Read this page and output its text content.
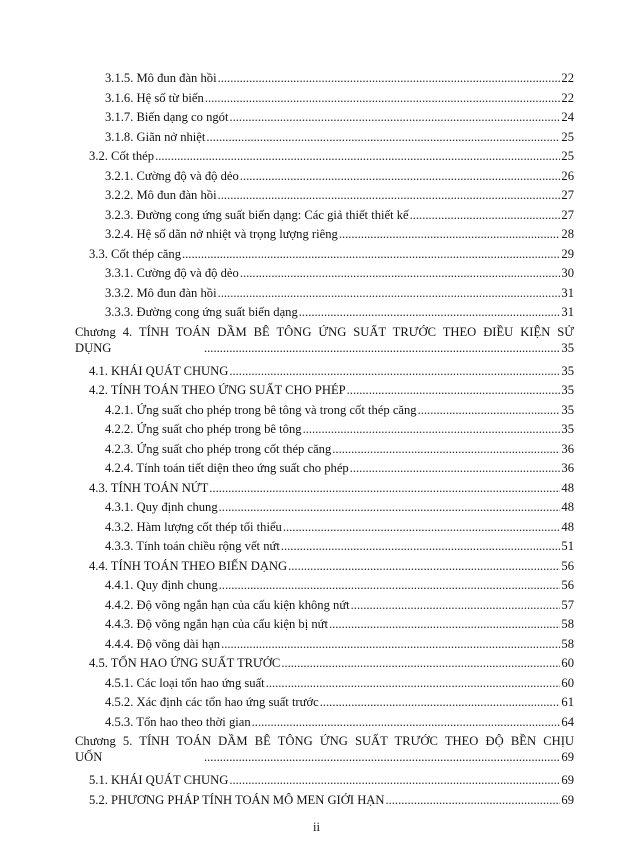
3.1.5. Mô đun đàn hồi .....	22
3.1.6. Hệ số từ biến .....	22
3.1.7. Biến dạng co ngót .....	24
3.1.8. Giãn nở nhiệt .....	25
3.2. Cốt thép .....	25
3.2.1. Cường độ và độ dẻo .....	26
3.2.2. Mô đun đàn hồi .....	27
3.2.3. Đường cong ứng suất biến dạng: Các giả thiết thiết kế .....	27
3.2.4. Hệ số dãn nở nhiệt và trọng lượng riêng .....	28
3.3. Cốt thép căng .....	29
3.3.1. Cường độ và độ dẻo .....	30
3.3.2. Mô đun đàn hồi .....	31
3.3.3. Đường cong ứng suất biến dạng .....	31
Chương 4. TÍNH TOÁN DẦM BÊ TÔNG ỨNG SUẤT TRƯỚC THEO ĐIỀU KIỆN SỬ
DỤNG .....	35
4.1. KHÁI QUÁT CHUNG .....	35
4.2. TÍNH TOÁN THEO ỨNG SUẤT CHO PHÉP .....	35
4.2.1. Ứng suất cho phép trong bê tông và trong cốt thép căng .....	35
4.2.2. Ứng suất cho phép trong bê tông .....	35
4.2.3. Ứng suất cho phép trong cốt thép căng .....	36
4.2.4. Tính toán tiết diện theo ứng suất cho phép .....	36
4.3. TÍNH TOÁN NỨT .....	48
4.3.1. Quy định chung .....	48
4.3.2. Hàm lượng cốt thép tối thiểu .....	48
4.3.3. Tính toán chiều rộng vết nứt .....	51
4.4. TÍNH TOÁN THEO BIẾN DẠNG .....	56
4.4.1. Quy định chung .....	56
4.4.2. Độ võng ngắn hạn của cấu kiện không nứt .....	57
4.4.3. Độ võng ngắn hạn của cấu kiện bị nứt .....	58
4.4.4. Độ võng dài hạn .....	58
4.5. TỔN HAO ỨNG SUẤT TRƯỚC .....	60
4.5.1. Các loại tổn hao ứng suất .....	60
4.5.2. Xác định các tổn hao ứng suất trước .....	61
4.5.3. Tổn hao theo thời gian .....	64
Chương 5. TÍNH TOÁN DẦM BÊ TÔNG ỨNG SUẤT TRƯỚC THEO ĐỘ BỀN CHỊU
UỐN .....	69
5.1. KHÁI QUÁT CHUNG .....	69
5.2. PHƯƠNG PHÁP TÍNH TOÁN MÔ MEN GIỚI HẠN .....	69
ii
